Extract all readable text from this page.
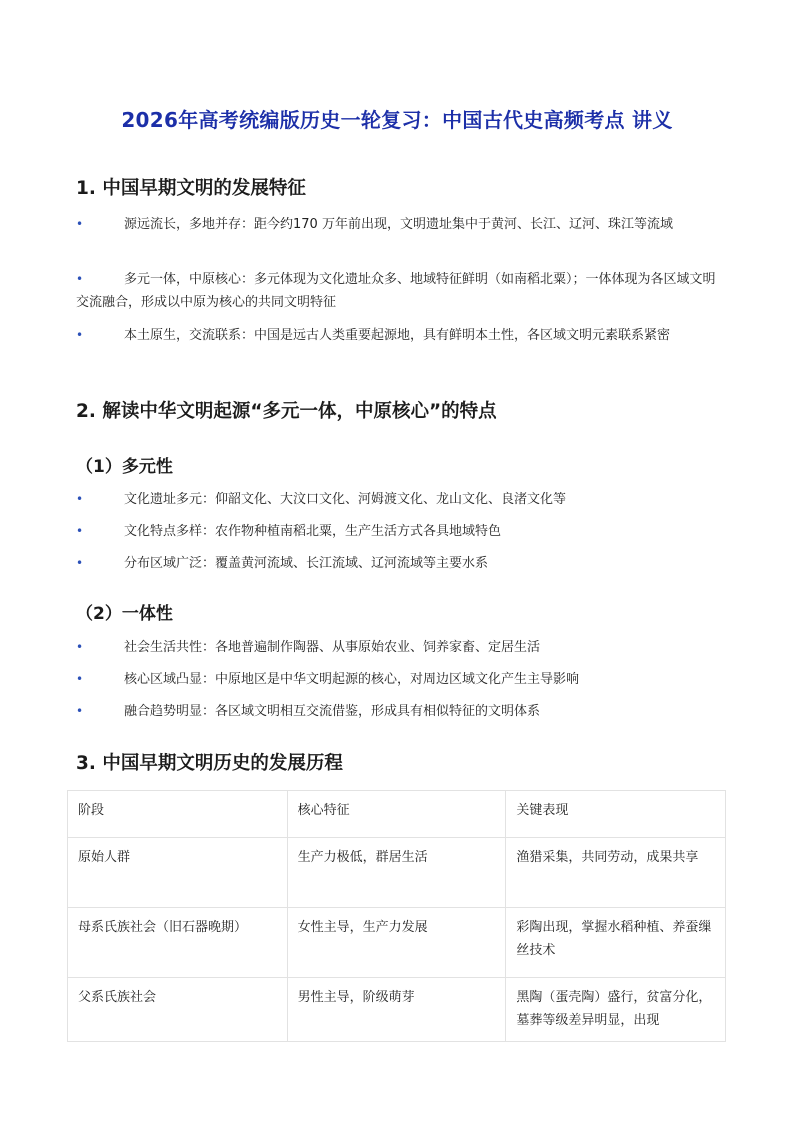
2026年高考统编版历史一轮复习：中国古代史高频考点 讲义
1. 中国早期文明的发展特征
•	源远流长，多地并存：距今约170 万年前出现，文明遗址集中于黄河、长江、辽河、珠江等流域
•	多元一体，中原核心：多元体现为文化遗址众多、地域特征鲜明（如南稻北粟）；一体体现为各区域文明交流融合，形成以中原为核心的共同文明特征
•	本土原生，交流联系：中国是远古人类重要起源地，具有鲜明本土性，各区域文明元素联系紧密
2. 解读中华文明起源“多元一体，中原核心”的特点
（1）多元性
•	文化遗址多元：仰韶文化、大汶口文化、河姆渡文化、龙山文化、良渚文化等
•	文化特点多样：农作物种植南稻北粟，生产生活方式各具地域特色
•	分布区域广泛：覆盖黄河流域、长江流域、辽河流域等主要水系
（2）一体性
•	社会生活共性：各地普遍制作陶器、从事原始农业、饲养家畜、定居生活
•	核心区域凸显：中原地区是中华文明起源的核心，对周边区域文化产生主导影响
•	融合趋势明显：各区域文明相互交流借鉴，形成具有相似特征的文明体系
3. 中国早期文明历史的发展历程
阶段	核心特征	关键表现
原始人群	生产力极低，群居生活	渔猎采集，共同劳动，成果共享
母系氏族社会（旧石器晚期）	女性主导，生产力发展	彩陶出现，掌握水稻种植、养蚕缫丝技术
父系氏族社会	男性主导，阶级萌芽	黑陶（蛋壳陶）盛行，贫富分化，墓葬等级差异明显，出现
